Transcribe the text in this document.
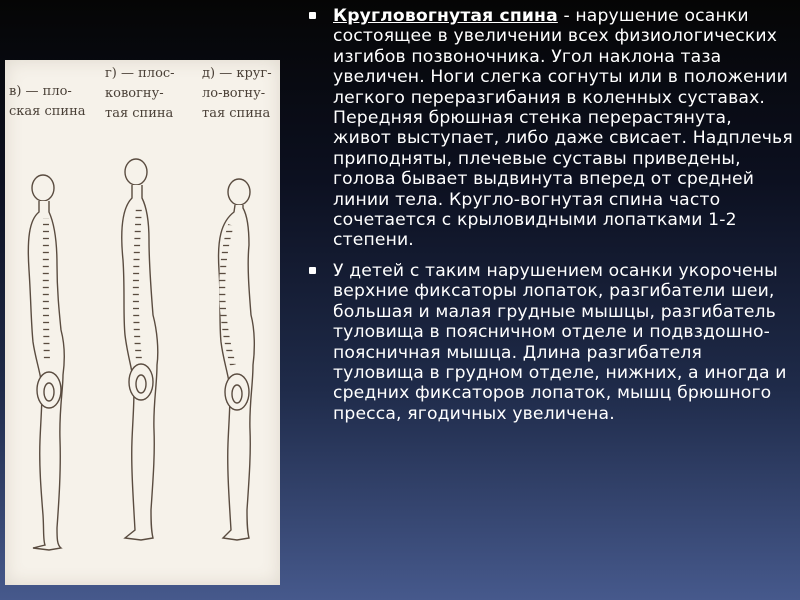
в) — пло-
ская спина
г) — плос-
ковогну-
тая спина
д) — круг-
ло-вогну-
тая спина

Кругловогнутая спина - нарушение осанки состоящее в увеличении всех физиологических изгибов позвоночника. Угол наклона таза увеличен. Ноги слегка согнуты или в положении легкого переразгибания в коленных суставах. Передняя брюшная стенка перерастянута, живот выступает, либо даже свисает. Надплечья приподняты, плечевые суставы приведены, голова бывает выдвинута вперед от средней линии тела. Кругло-вогнутая спина часто сочетается с крыловидными лопатками 1-2 степени.

У детей с таким нарушением осанки укорочены верхние фиксаторы лопаток, разгибатели шеи, большая и малая грудные мышцы, разгибатель туловища в поясничном отделе и подвздошно-поясничная мышца. Длина разгибателя туловища в грудном отделе, нижних, а иногда и средних фиксаторов лопаток, мышц брюшного пресса, ягодичных увеличена.
